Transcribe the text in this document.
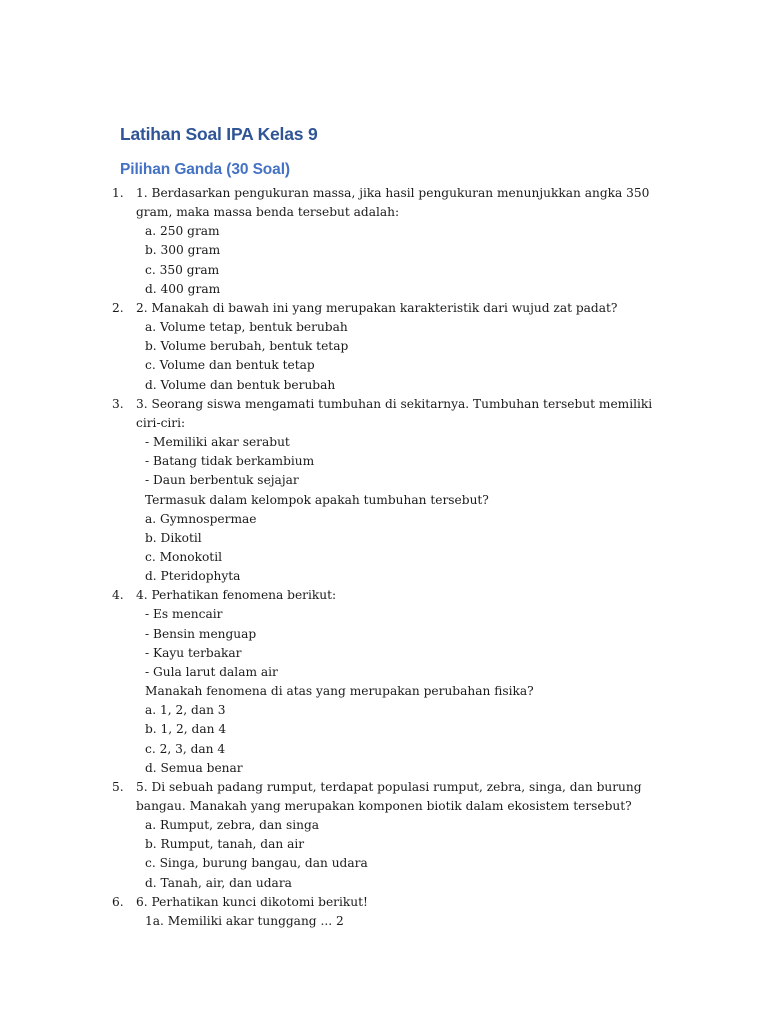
Latihan Soal IPA Kelas 9
Pilihan Ganda (30 Soal)
1. 1. Berdasarkan pengukuran massa, jika hasil pengukuran menunjukkan angka 350 gram, maka massa benda tersebut adalah:
a. 250 gram
b. 300 gram
c. 350 gram
d. 400 gram
2. 2. Manakah di bawah ini yang merupakan karakteristik dari wujud zat padat?
a. Volume tetap, bentuk berubah
b. Volume berubah, bentuk tetap
c. Volume dan bentuk tetap
d. Volume dan bentuk berubah
3. 3. Seorang siswa mengamati tumbuhan di sekitarnya. Tumbuhan tersebut memiliki ciri-ciri:
- Memiliki akar serabut
- Batang tidak berkambium
- Daun berbentuk sejajar
Termasuk dalam kelompok apakah tumbuhan tersebut?
a. Gymnospermae
b. Dikotil
c. Monokotil
d. Pteridophyta
4. 4. Perhatikan fenomena berikut:
- Es mencair
- Bensin menguap
- Kayu terbakar
- Gula larut dalam air
Manakah fenomena di atas yang merupakan perubahan fisika?
a. 1, 2, dan 3
b. 1, 2, dan 4
c. 2, 3, dan 4
d. Semua benar
5. 5. Di sebuah padang rumput, terdapat populasi rumput, zebra, singa, dan burung bangau. Manakah yang merupakan komponen biotik dalam ekosistem tersebut?
a. Rumput, zebra, dan singa
b. Rumput, tanah, dan air
c. Singa, burung bangau, dan udara
d. Tanah, air, dan udara
6. 6. Perhatikan kunci dikotomi berikut!
1a. Memiliki akar tunggang ... 2
